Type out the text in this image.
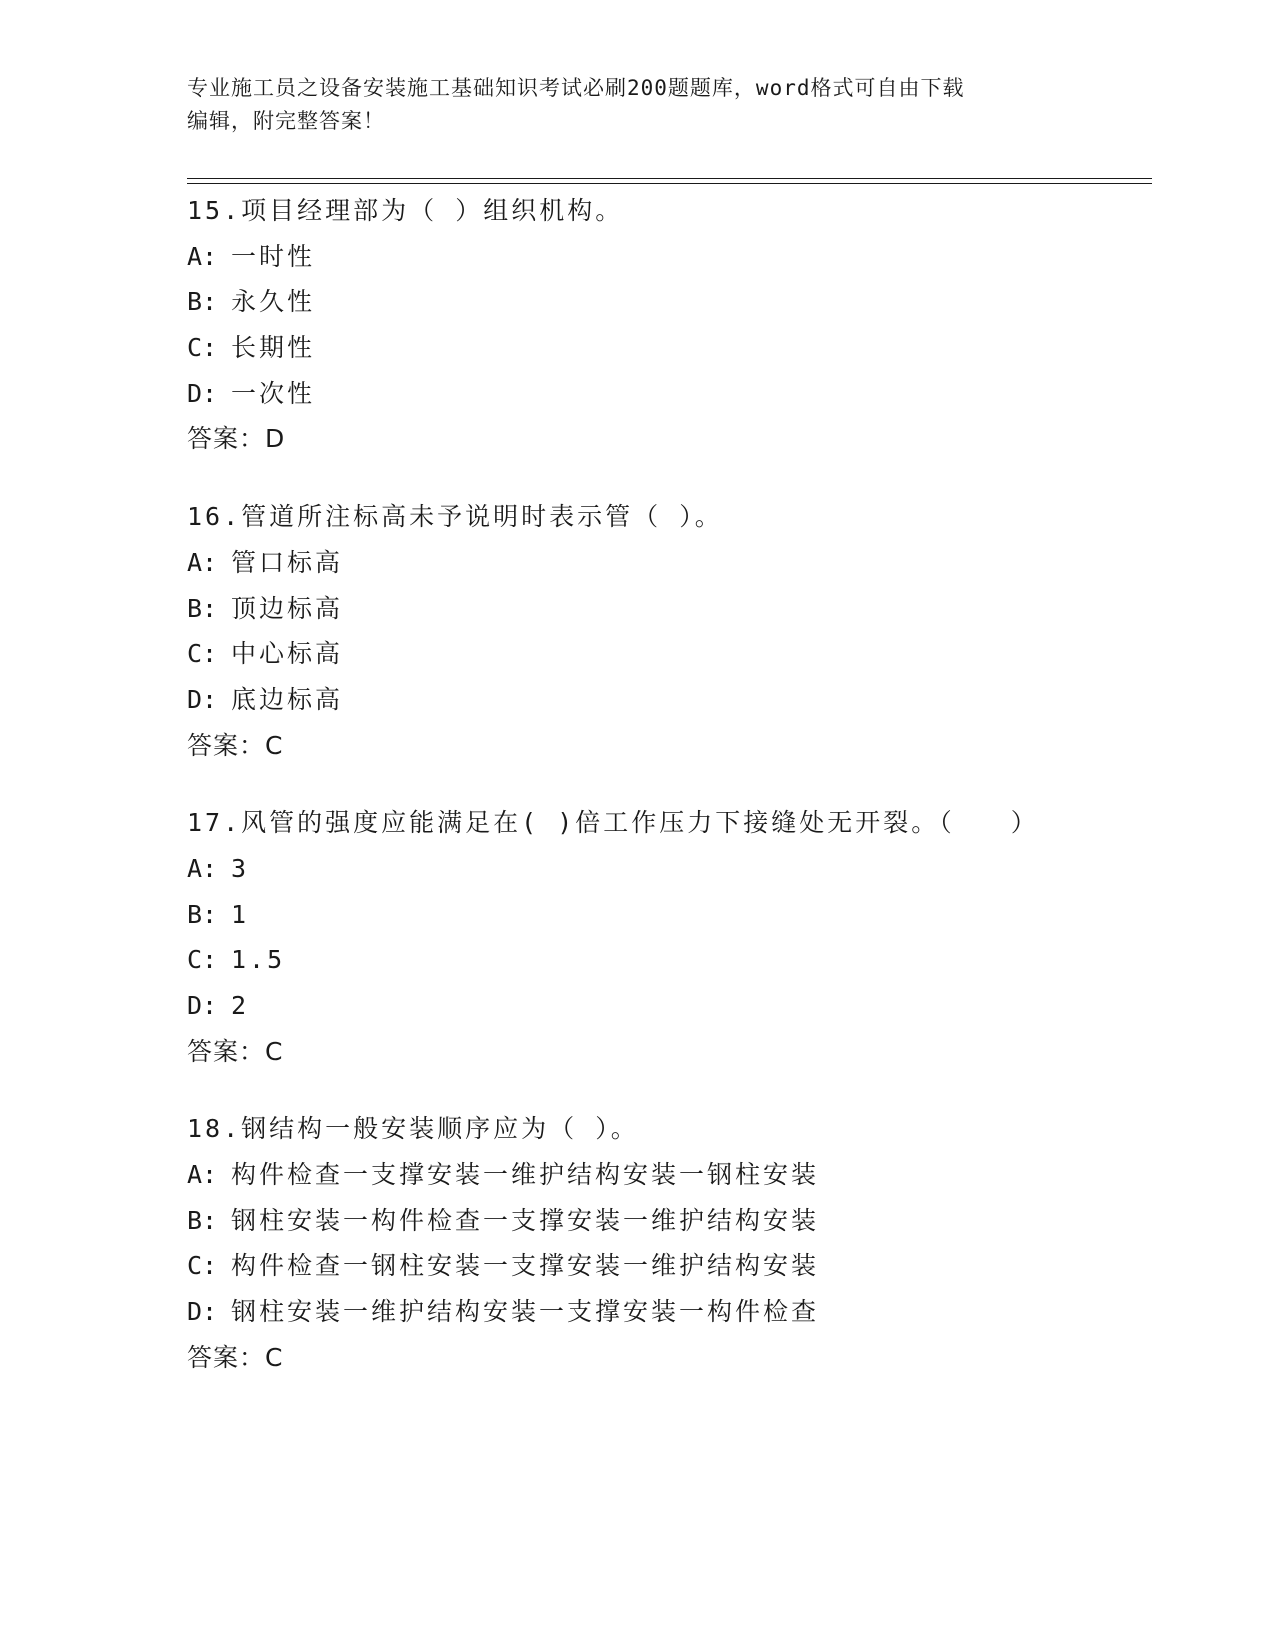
专业施工员之设备安装施工基础知识考试必刷200题题库，word格式可自由下载
编辑，附完整答案！
15.项目经理部为（ ）组织机构。
A: 一时性
B: 永久性
C: 长期性
D: 一次性
答案：D
16.管道所注标高未予说明时表示管（ ）。
A: 管口标高
B: 顶边标高
C: 中心标高
D: 底边标高
答案：C
17.风管的强度应能满足在( )倍工作压力下接缝处无开裂。（　　）
A: 3
B: 1
C: 1.5
D: 2
答案：C
18.钢结构一般安装顺序应为（ ）。
A: 构件检查一支撑安装一维护结构安装一钢柱安装
B: 钢柱安装一构件检查一支撑安装一维护结构安装
C: 构件检查一钢柱安装一支撑安装一维护结构安装
D: 钢柱安装一维护结构安装一支撑安装一构件检查
答案：C
